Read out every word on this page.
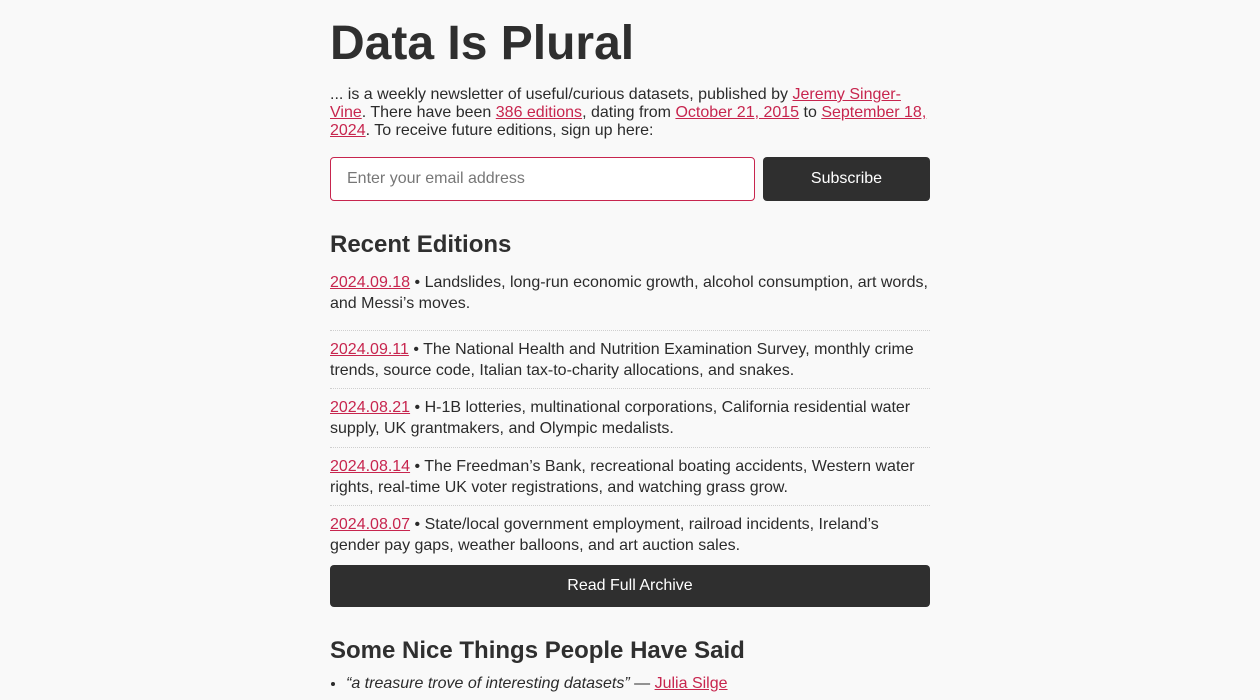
Data Is Plural

... is a weekly newsletter of useful/curious datasets, published by Jeremy Singer-Vine. There have been 386 editions, dating from October 21, 2015 to September 18, 2024. To receive future editions, sign up here:

Enter your email address
Subscribe
Recent Editions
2024.09.18 • Landslides, long-run economic growth, alcohol consumption, art words, and Messi’s moves.
2024.09.11 • The National Health and Nutrition Examination Survey, monthly crime trends, source code, Italian tax-to-charity allocations, and snakes.
2024.08.21 • H-1B lotteries, multinational corporations, California residential water supply, UK grantmakers, and Olympic medalists.
2024.08.14 • The Freedman’s Bank, recreational boating accidents, Western water rights, real-time UK voter registrations, and watching grass grow.
2024.08.07 • State/local government employment, railroad incidents, Ireland’s gender pay gaps, weather balloons, and art auction sales.
Read Full Archive
Some Nice Things People Have Said
• “a treasure trove of interesting datasets” — Julia Silge
